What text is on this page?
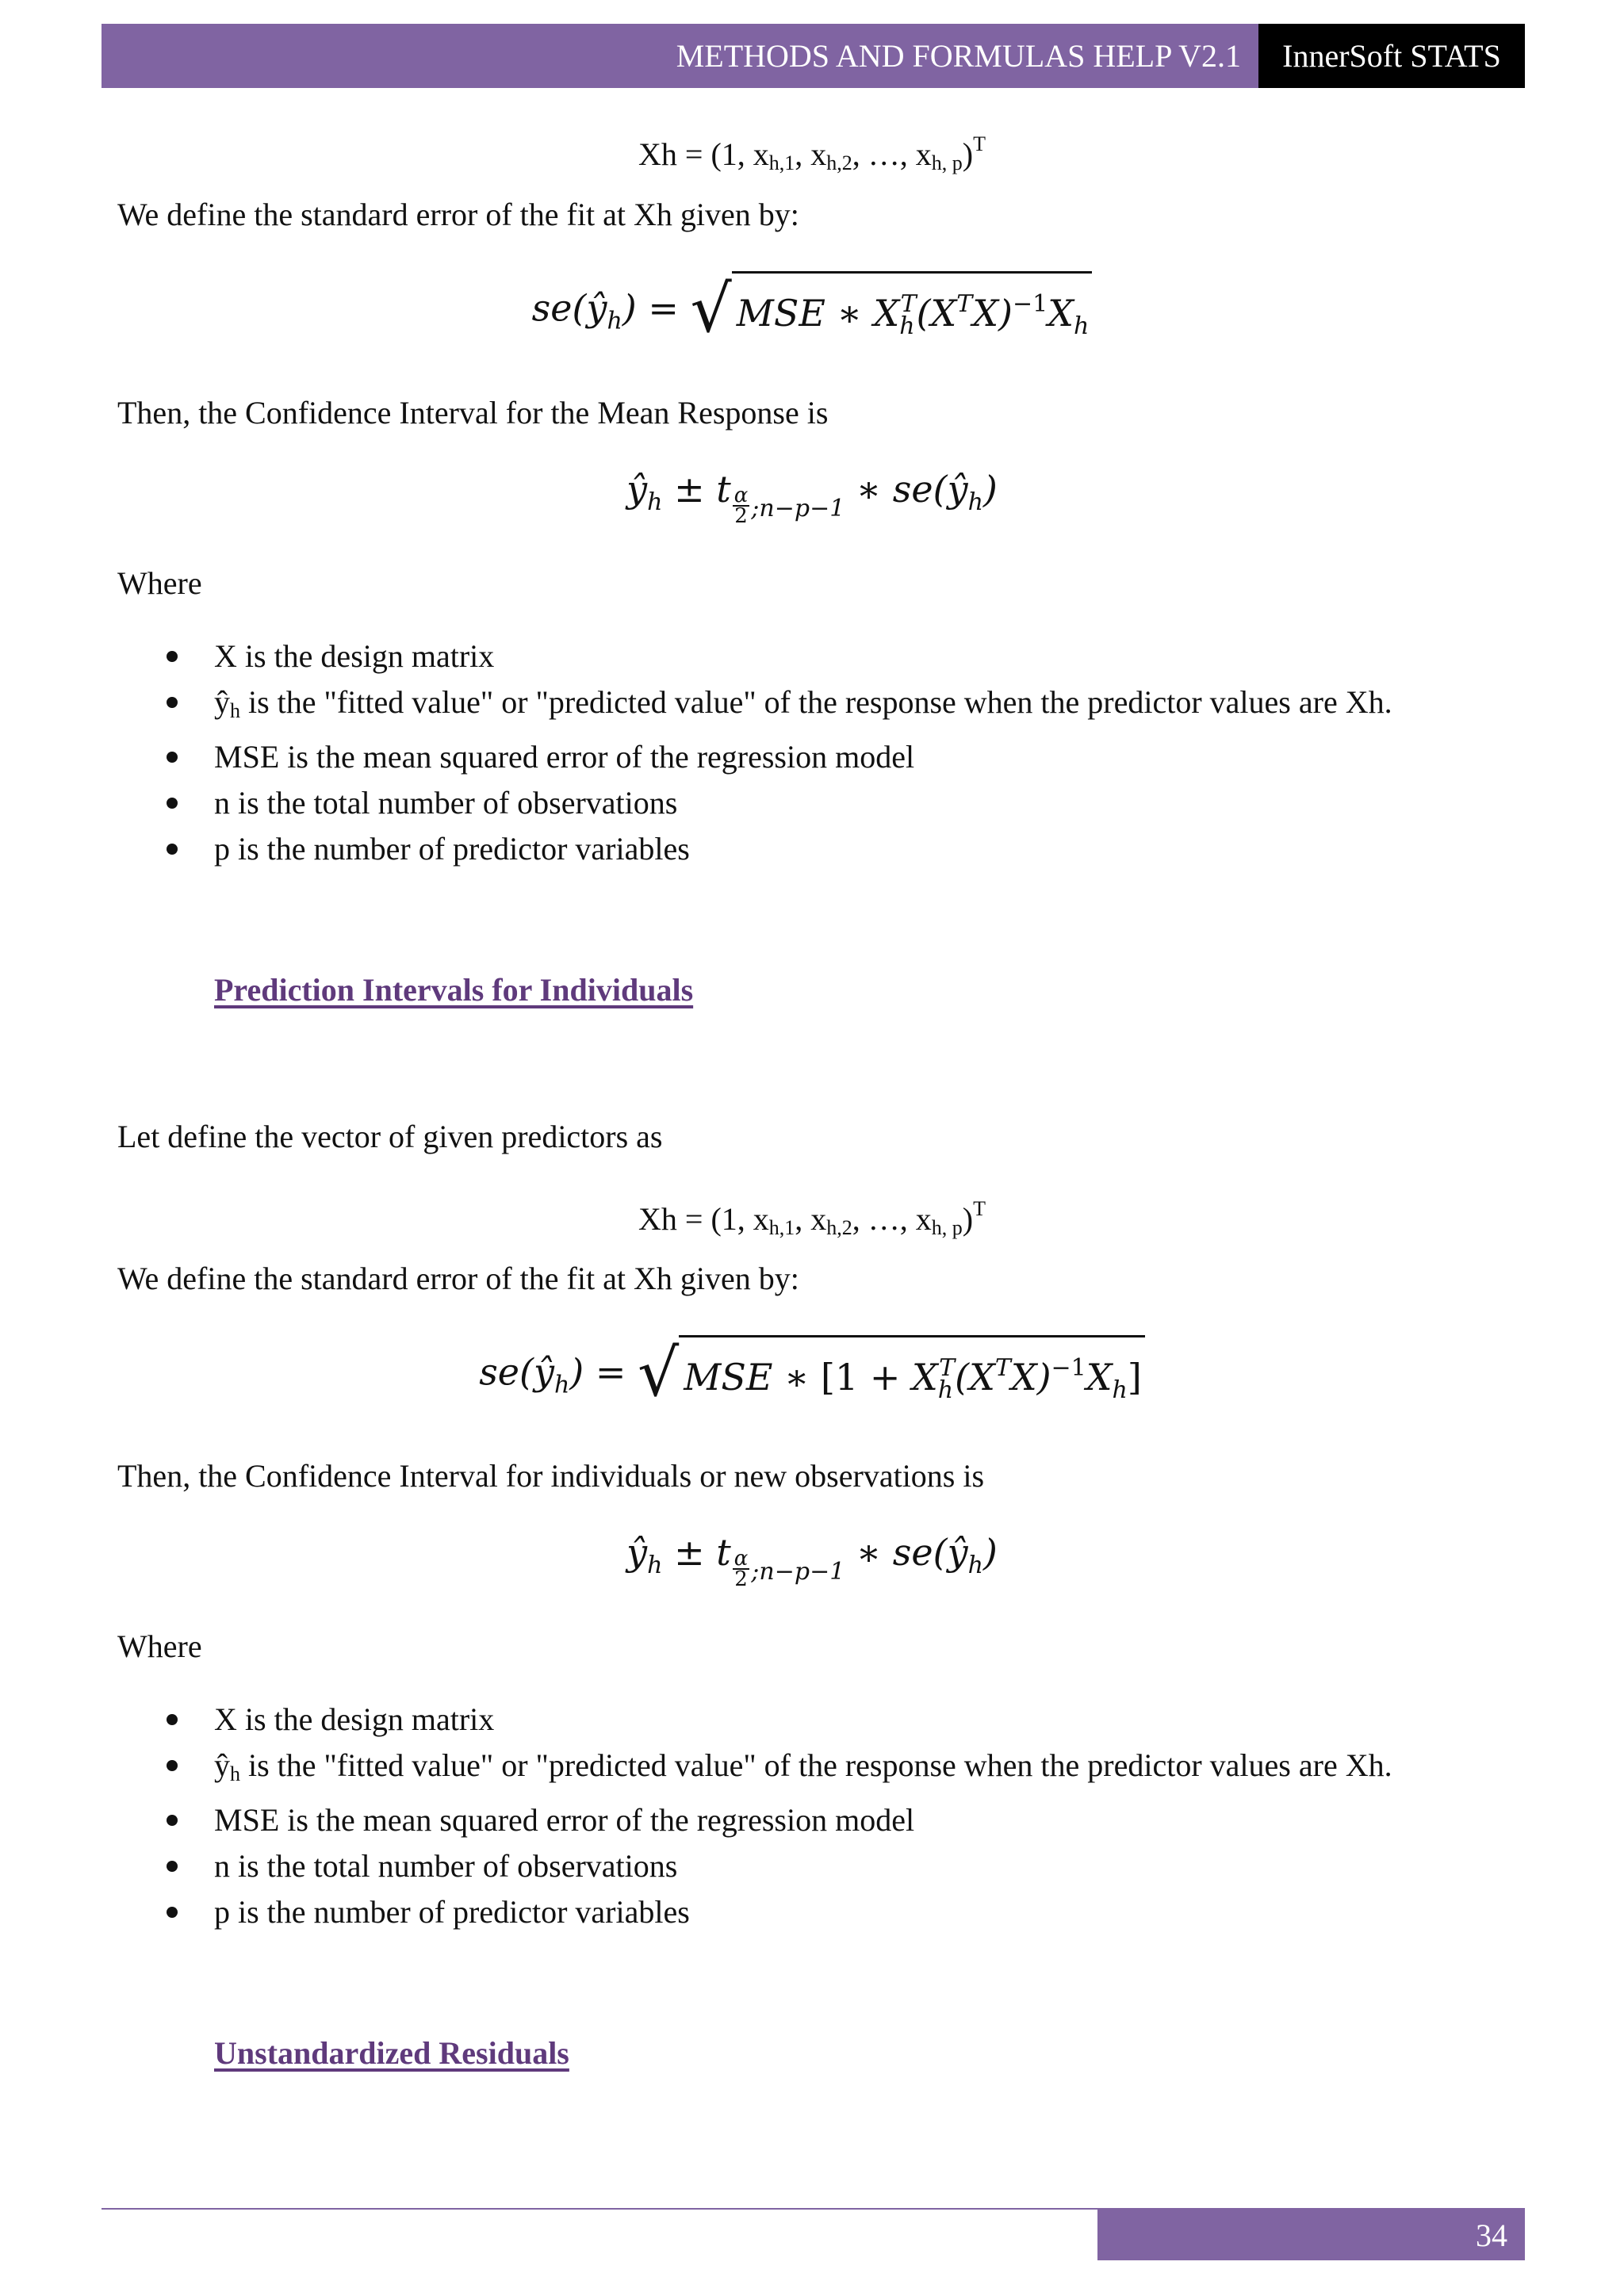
METHODS AND FORMULAS HELP V2.1 InnerSoft STATS
Xh = (1, $x_{h,1}$, $x_{h,2}$, …, $x_{h, p})^T$
We define the standard error of the fit at Xh given by:
$se(ŷ_h)$ = √ MSE ∗ $X_h^T(X^TX)^{-1}X_h$
Then, the Confidence Interval for the Mean Response is
$ŷ_h \pm t \frac{\alpha}{2} _{;n-p-1}$ ∗ $se(ŷ_h)$
Where
X is the design matrix
$ŷ_h$ is the "fitted value" or "predicted value" of the response when the predictor values are Xh.
MSE is the mean squared error of the regression model
n is the total number of observations
p is the number of predictor variables
Prediction Intervals for Individuals
Let define the vector of given predictors as
Xh = (1, $x_{h,1}$, $x_{h,2}$, …, $x_{h, p})^T$
We define the standard error of the fit at Xh given by:
$se(ŷ_h)$ = √ MSE ∗ $[1 + X_h^T(X^TX)^{-1}X_h]$
Then, the Confidence Interval for individuals or new observations is
$ŷ_h \pm t \frac{\alpha}{2} _{;n-p-1}$ ∗ $se(ŷ_h)$
Where
X is the design matrix
$ŷ_h$ is the "fitted value" or "predicted value" of the response when the predictor values are Xh.
MSE is the mean squared error of the regression model
n is the total number of observations
p is the number of predictor variables
Unstandardized Residuals
34
